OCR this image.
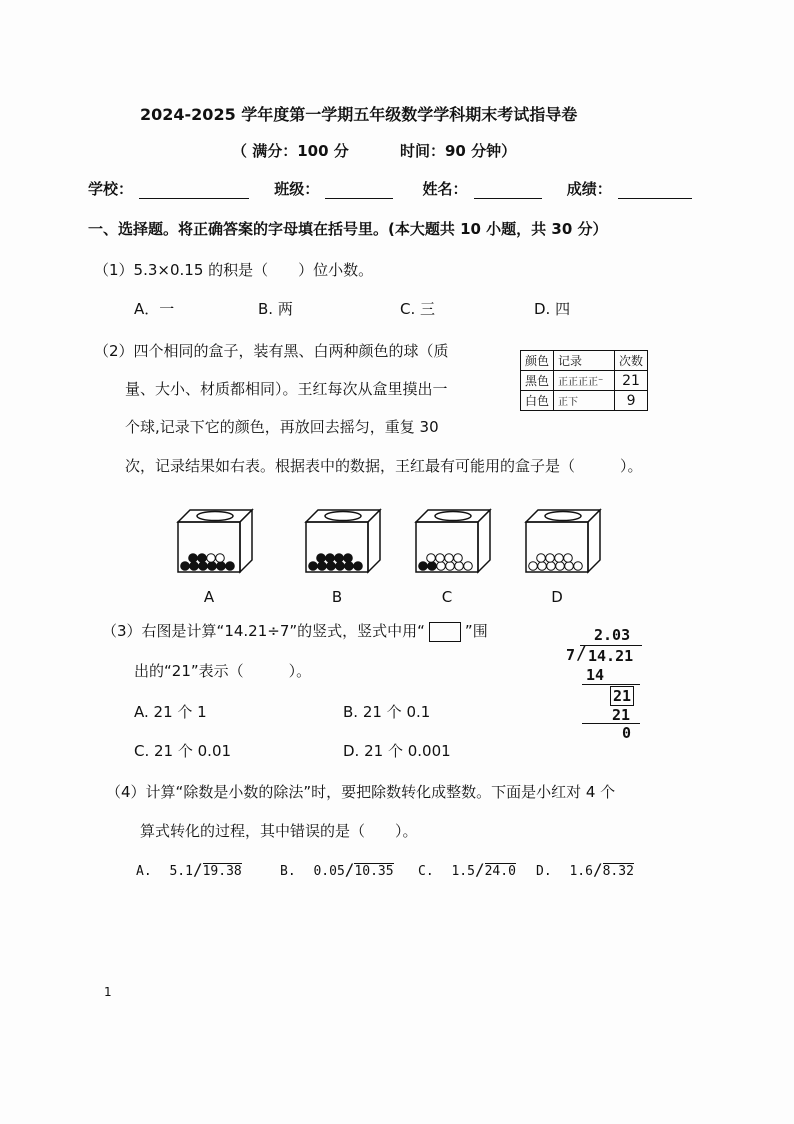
2024-2025 学年度第一学期五年级数学学科期末考试指导卷
（ 满分：100 分	时间：90 分钟）
学校：	班级：	姓名：	成绩：
一、选择题。将正确答案的字母填在括号里。(本大题共 10 小题，共 30 分）
（1）5.3×0.15 的积是（　　）位小数。
A．一	B. 两	C. 三	D. 四
（2）四个相同的盒子，装有黑、白两种颜色的球（质
量、大小、材质都相同）。王红每次从盒里摸出一
个球,记录下它的颜色，再放回去摇匀，重复 30
次，记录结果如右表。根据表中的数据，王红最有可能用的盒子是（　　　）。
颜色	记录	次数
黑色	正正正正⁻	21
白色	正下	9
A	B	C	D
（3）右图是计算“14.21÷7”的竖式，竖式中用“	”围
出的“21”表示（　　　）。
A. 21 个 1	B. 21 个 0.1
C. 21 个 0.01	D. 21 个 0.001
2.03
7 / 14.21
14
21
21
0
（4）计算“除数是小数的除法”时，要把除数转化成整数。下面是小红对 4 个
算式转化的过程，其中错误的是（　　）。
A. 5.1/19.38	B. 0.05/10.35 C. 1.5/24.0 D. 1.6/8.32
1
